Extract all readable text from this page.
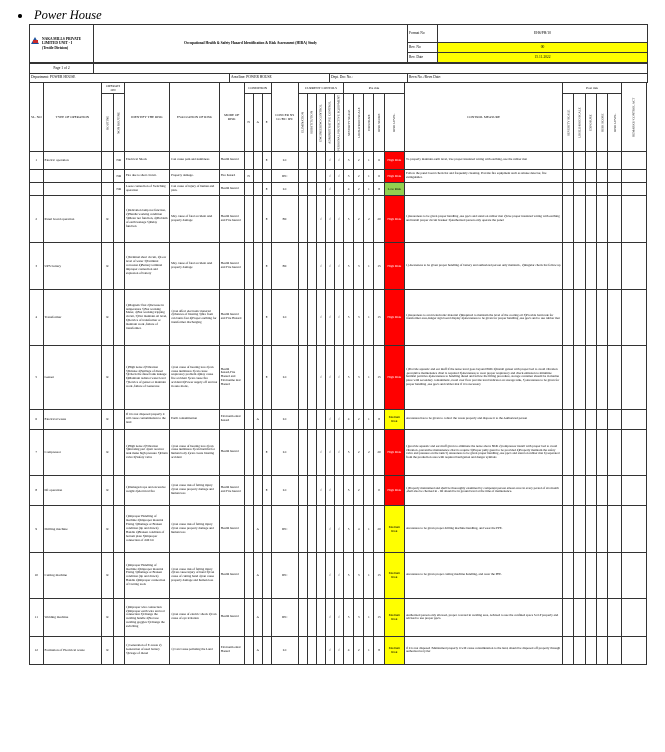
Power House
NAKA MILLS PRIVATE
LIMITED UNIT - I
(Textile Division)	Occupational Health & Safety Hazard Identification & Risk Assessment (HIRA) Study	Format No	EHS/PH/10
		Rev. No	00
		Rev. Date	15.11.2022
Page 1 of 2				
Department: POWER HOUSE		Area/line: POWER HOUSE	Dept. Doc No.:	Revn No.:/Revn Date:
SL. NO	TYPE OF OPERATION	OPERATI ON		IDENTIFY THE RISK	EVALUATION OF RISK	MODE OF RISK	CONDITION			CONCER NS LC/BC/ IPC	CURRENT CONTOLS					Pre risk					CONTROL MEASURE	Post risk					REMARKS/ CONTROL ACT
		ROUTINE	NON ROUTINE				N	A	E		ELIMINATION	SUBSTITUTION	ENGINEERING CONTROL	ADMINISTRATIVE CONTROL	PERSONAL PROTECTIVE EQUIPMENT	SEVERITY SCALE	LIKELIHOOD SCALE	EXPOSURE	RISK SCORE	RISK LEVEL		SEVERITY SCALE	LIKELIHOOD SCALE	EXPOSURE	RISK SCORE	RISK LEVEL	
1	Electric operation		NR	Electrical Shock	Can cause pain and numbness	Health hazard			E	LC				√	√	3	2	1	6	High Risk	To properly maintain earth level, Use proper insulated wiring with earthing, use the rubber mat						
			NR	Fire due to short circuit.	Property damage.	Fire hazard	N			IPC				√	√	3	2	1	6	High Risk	Follow the panel board check list and frequently cleaning. Provide fire equipment such as smoke detector, fire extinguisher.						
			NR	Loose connection of Switching operation	Can cause of injury of human and plan.	Health hazard			E	LC				√		4	2	1	8	Low Risk							
2	Panel board operation	R		1)Indication lamp not function, 2)Handle working condition 3)Meter not function, 4)Problem of earth leakage 5)Relay function	May cause of fatal accident And property damage	Health hazard and Fire hazard			E	BC			√	√	√	5	2	2	20	High Risk	1)Awareness to be given proper handling ,use ppe's and stand on rubber mat 2)Use proper insulated wiring with earthing and install proper circuit breaker 3)Authorized person only operate the panel						
3	UPS battery	R		1)Terminal short circuit, 2)Low level of water 3)Terminal corrosion 4)Battery terminal improper connection and explosion of battery	May cause of fatal accident And property damage	Health hazard and Fire hazard			E	BC			√	√	√	5	3	1	15	High Risk	1) Awareness to be given proper handling of battery and authorized person only maintain , 2)Regular check list follow up						
4	Transformer	R		1)Magnetic flux 2)Increase in temperature 3)Not working Meter, 4)Not working tripping circuit, 5)Not maintain oil level, 6)Service of transformer or maintain work ,failure of transformer.	1)can affect electronic material 2)chances of blasting 3)fire from can burns fast 4)Proper earthing for transformer discharging	Health hazard and Fire Hazard			E	LC			√	√	√	5	3	1	15	High Risk	1)Awareness to avoid electronic material 2)Required to maintain the level of the cooling oil 3)Provide barricade for transformer area,danger sign board display 4)Awareness to be given for proper handling ,use ppe's and to use rubber mat						
5	Genset	R		1)High noise 2)Vibration 3)Smoke 4)Spillage of diesel 5)Check the diesel tank leakage 6)Maintain radiator water level 7)Service of genset or maintain work ,failure of Generator.	1)can cause of hearing loss 2)can cause numbness 3)can cause respiratory problem 4)may cause fire accident 5)can cause fire accident 6)Power supply off and not in auto mode,	Health hazard,Fire Hazard and Environme ntal Hazard			E	LC			√	√	√	5	3	1	15	High Risk	1)Provide aquastic and ear muff if the noise level goes beyond 80db 2)Install genset with proper bed to avoid vibration ,preventive maintenance chart is required 3)Awareness to wear proper respiratory and check emission to minimize harmful particles 4)Awareness to handling diesel and follow the filling procedure, storage container should be in marine place with secondary containment ,avoid over flow provide level indicator on storage tank, 5) Awareness to be given for proper handling ,use ppe's and rubber mat if it is necessary						
6	Electrical waste	R		If it is not disposed properly it will cause contamination to the land	Earth contamination	Environm ental hazard		A		LC				√	√	4	2	1	8	Medium Risk	Awareness has to be given to collect the waste properly and dispose it to the Authorized person						
7	Compressor	R		1)High noise 2)Vibration 3)Rotating part 4)Air receiver tank make high pressure 5)Drain valve 6)Safety valve	1)can cause of hearing loss 2)can cause numbness 3)can harmful for human body 4)can create blasting accident	Health hazard			E	LC			√	√	√	5	2	2	20	High Risk	1)provide aquastic and ear muff given to eliminate the noise above 80db 2)compressor install with proper bed to avoid vibration ,preventive maintenance chart is require 3)Proper pully guard to be provided 4)Properly maintain the safety valve and pressure on the tank 5) Awareness to be given proper handling ,use ppe's and stand on rubber mat 6) separated from the production area with required barrigation and danger symbols						
8	lift operation	R		1)Damaged rope and excessive weight 2)electrical fire	1)can cause risk of falling injury 2)can cause property damage and human loss	Health hazard and Fire hazard			E	LC			√	√		5	2		0	High Risk	1)Properly maintained and shall be thoroughly examined by competent person atleast once in every period of six month ,shall also be checked in - lift should be in ground level at the time of maintenance.						
9	Drilling machine	R		1)Improper Handling of machine 2)Improper material Fixing 3)Damage or Broken condition (tip and drawn) Handle 4)Broken condition of bottom plate 5)Improper connection of drill bit	1)can cause risk of falling injury 2)can cause property damage and human loss	Health hazard		A		IPC				√	√	5	4	1	20	Medium Risk	Awareness to be given proper drilling machine handling, and wear the PPE.						
10	Cutting machine	R		1)Improper Handling of machine 2)Improper material Fixing 3)Damage or Broken condition (tip and drawn) Handle 4)Improper connection of Cutting tools	1)can cause risk of falling injury 2)Can cause injury of hand 3)Can cause of cutting hand 4)can cause property damage and human loss	Health hazard		A		IPC				√	√	5	3	1	15	Medium Risk	Awareness to be given proper cutting machine handling, and wear the PPE.						
11	Welding machine	R		1)Improper wire connection 2)Improper earth wire and rod connection 3)Change the welding handle 4)Not use welding goggles 5)Change the switching	1)can cause of electric shock 2)Can cause of eye irritation	Health hazard		A		IPC				√	√	5	3	1	15	Medium Risk	Authorized person only allowed, proper covered in welding area, Advised to use the confined space S.O.P properly and advised to use proper ppe's.						
12	Formation of Electrical waste	R		1) Generation of E-waste 2) Generation of used battery 3)Usage of diesel	1) Can Cause polluting the Land	Environm ental Hazard		A		LC				√	√	4	2	1	8	Medium Risk	if it is not disposed /Maintained properly it will cause contamination to the land, should be disposed off properly through authorized recycler						
